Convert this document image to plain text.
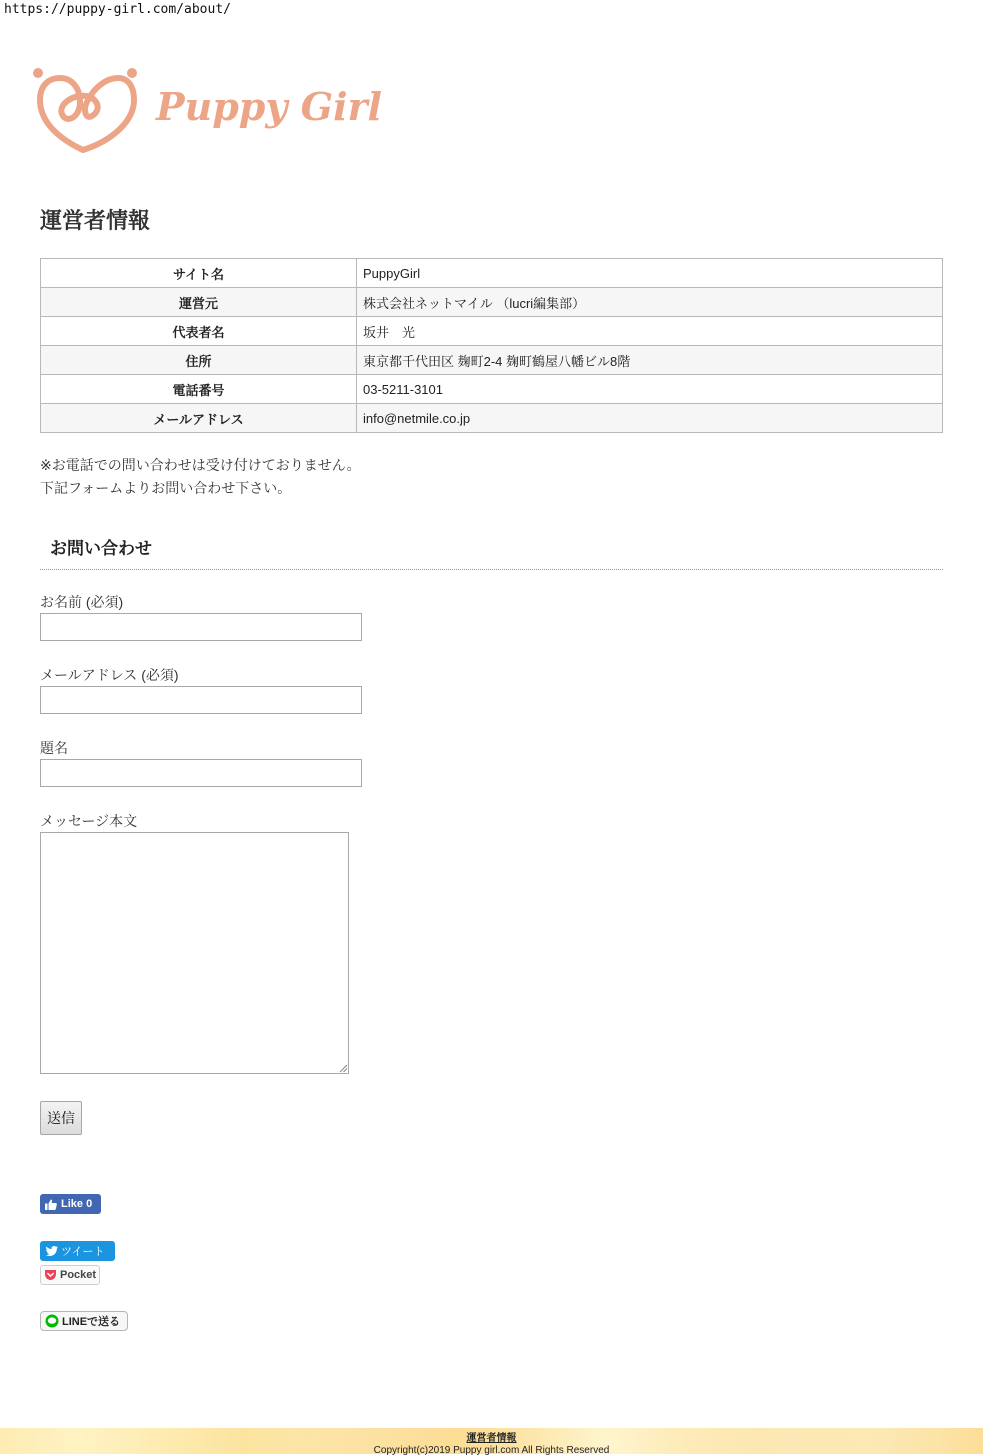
https://puppy-girl.com/about/
Puppy Girl
運営者情報
サイト名	PuppyGirl
運営元	株式会社ネットマイル （lucri編集部）
代表者名	坂井　光
住所	東京都千代田区 麹町2-4 麹町鶴屋八幡ビル8階
電話番号	03-5211-3101
メールアドレス	info@netmile.co.jp

※お電話での問い合わせは受け付けておりません。

下記フォームよりお問い合わせ下さい。

お問い合わせ
お名前 (必須)
メールアドレス (必須)
題名
メッセージ本文
送信
Like 0
ツイート
Pocket
LINEで送る
運営者情報
Copyright(c)2019 Puppy girl.com All Rights Reserved
